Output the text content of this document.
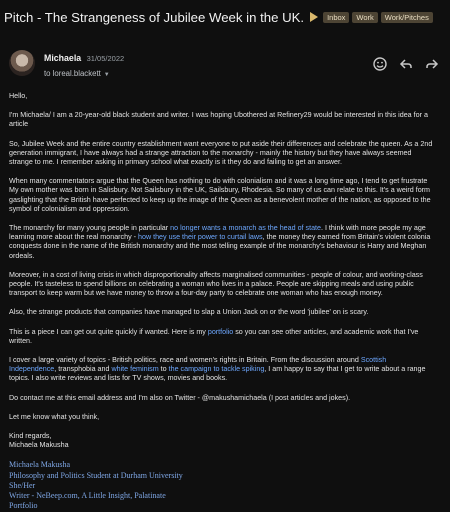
Pitch - The Strangeness of Jubilee Week in the UK.	Inbox	Work	Work/Pitches
Michaela 31/05/2022
to loreal.blackett ▼
Hello,
I'm Michaela/ I am a 20-year-old black student and writer. I was hoping Ubothered at Refinery29 would be interested in this idea for a
article
So, Jubilee Week and the entire country establishment want everyone to put aside their differences and celebrate the queen. As a 2nd
generation immigrant, I have always had a strange attraction to the monarchy - mainly the history but they have always seemed
strange to me. I remember asking in primary school what exactly is it they do and failing to get an answer.
When many commentators argue that the Queen has nothing to do with colonialism and it was a long time ago, I tend to get frustrate
My own mother was born in Salisbury. Not Sailsbury in the UK, Sailsbury, Rhodesia. So many of us can relate to this. It's a weird form
gaslighting that the British have perfected to keep up the image of the Queen as a benevolent mother of the nation, as opposed to the
symbol of colonialism and oppression.
The monarchy for many young people in particular no longer wants a monarch as the head of state. I think with more people my age
learning more about the real monarchy - how they use their power to curtail laws, the money they earned from Britain's violent colonia
conquests done in the name of the British monarchy and the most telling example of the monarchy's behaviour is Harry and Meghan
ordeals.
Moreover, in a cost of living crisis in which disproportionality affects marginalised communities - people of colour, and working-class
people. It's tasteless to spend billions on celebrating a woman who lives in a palace. People are skipping meals and using public
transport to keep warm but we have money to throw a four-day party to celebrate one woman who has enough money.
Also, the strange products that companies have managed to slap a Union Jack on or the word 'jubilee' on is scary.
This is a piece I can get out quite quickly if wanted. Here is my portfolio so you can see other articles, and academic work that I've
written.
I cover a large variety of topics - British politics, race and women's rights in Britain. From the discussion around Scottish
Independence, transphobia and white feminism to the campaign to tackle spiking, I am happy to say that I get to write about a range
topics. I also write reviews and lists for TV shows, movies and books.
Do contact me at this email address and I'm also on Twitter - @makushamichaela (I post articles and jokes).
Let me know what you think,
Kind regards,
Michaela Makusha
Michaela Makusha
Philosophy and Politics Student at Durham University
She/Her
Writer - NeBeep.com, A Little Insight, Palatinate
Portfolio
